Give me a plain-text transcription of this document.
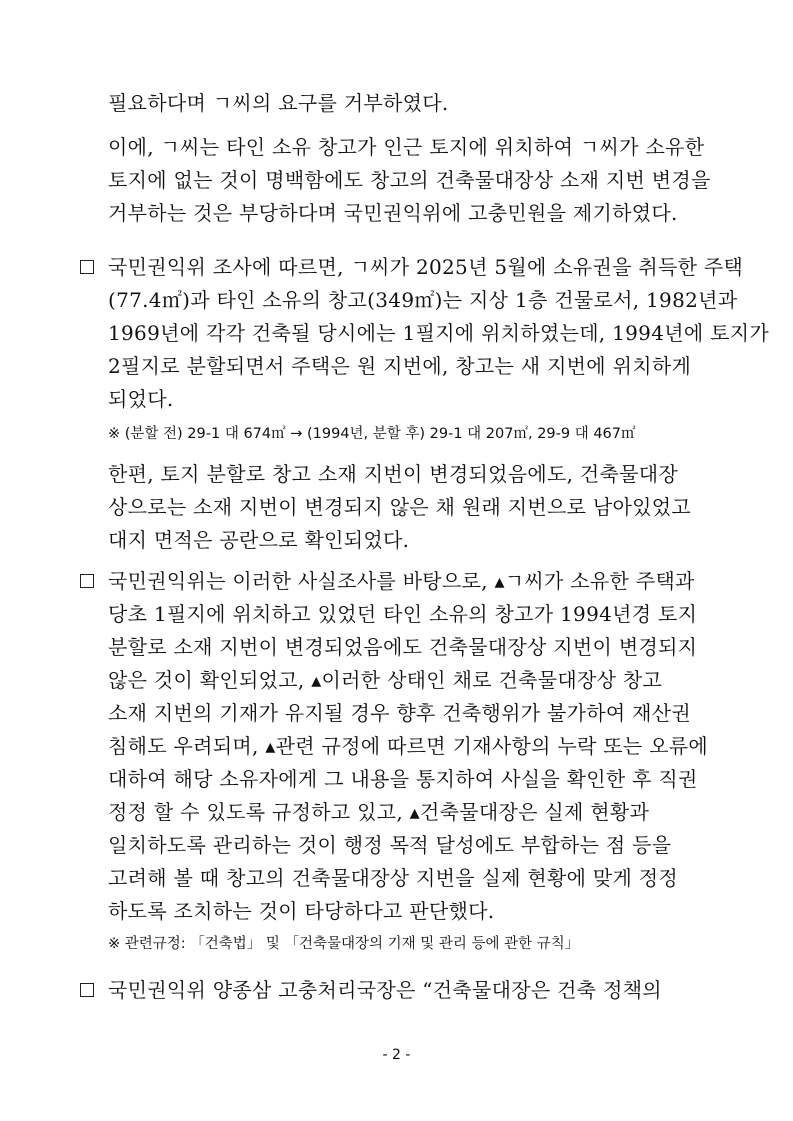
필요하다며 ㄱ씨의 요구를 거부하였다.
이에, ㄱ씨는 타인 소유 창고가 인근 토지에 위치하여 ㄱ씨가 소유한
토지에 없는 것이 명백함에도 창고의 건축물대장상 소재 지번 변경을
거부하는 것은 부당하다며 국민권익위에 고충민원을 제기하였다.
국민권익위 조사에 따르면, ㄱ씨가 2025년 5월에 소유권을 취득한 주택
(77.4㎡)과 타인 소유의 창고(349㎡)는 지상 1층 건물로서, 1982년과
1969년에 각각 건축될 당시에는 1필지에 위치하였는데, 1994년에 토지가
2필지로 분할되면서 주택은 원 지번에, 창고는 새 지번에 위치하게
되었다.
※ (분할 전) 29-1 대 674㎡ → (1994년, 분할 후) 29-1 대 207㎡, 29-9 대 467㎡
한편, 토지 분할로 창고 소재 지번이 변경되었음에도, 건축물대장
상으로는 소재 지번이 변경되지 않은 채 원래 지번으로 남아있었고
대지 면적은 공란으로 확인되었다.
국민권익위는 이러한 사실조사를 바탕으로, ▴ㄱ씨가 소유한 주택과
당초 1필지에 위치하고 있었던 타인 소유의 창고가 1994년경 토지
분할로 소재 지번이 변경되었음에도 건축물대장상 지번이 변경되지
않은 것이 확인되었고, ▴이러한 상태인 채로 건축물대장상 창고
소재 지번의 기재가 유지될 경우 향후 건축행위가 불가하여 재산권
침해도 우려되며, ▴관련 규정에 따르면 기재사항의 누락 또는 오류에
대하여 해당 소유자에게 그 내용을 통지하여 사실을 확인한 후 직권
정정 할 수 있도록 규정하고 있고, ▴건축물대장은 실제 현황과
일치하도록 관리하는 것이 행정 목적 달성에도 부합하는 점 등을
고려해 볼 때 창고의 건축물대장상 지번을 실제 현황에 맞게 정정
하도록 조치하는 것이 타당하다고 판단했다.
※ 관련규정: 「건축법」 및 「건축물대장의 기재 및 관리 등에 관한 규칙」
국민권익위 양종삼 고충처리국장은 “건축물대장은 건축 정책의
- 2 -
